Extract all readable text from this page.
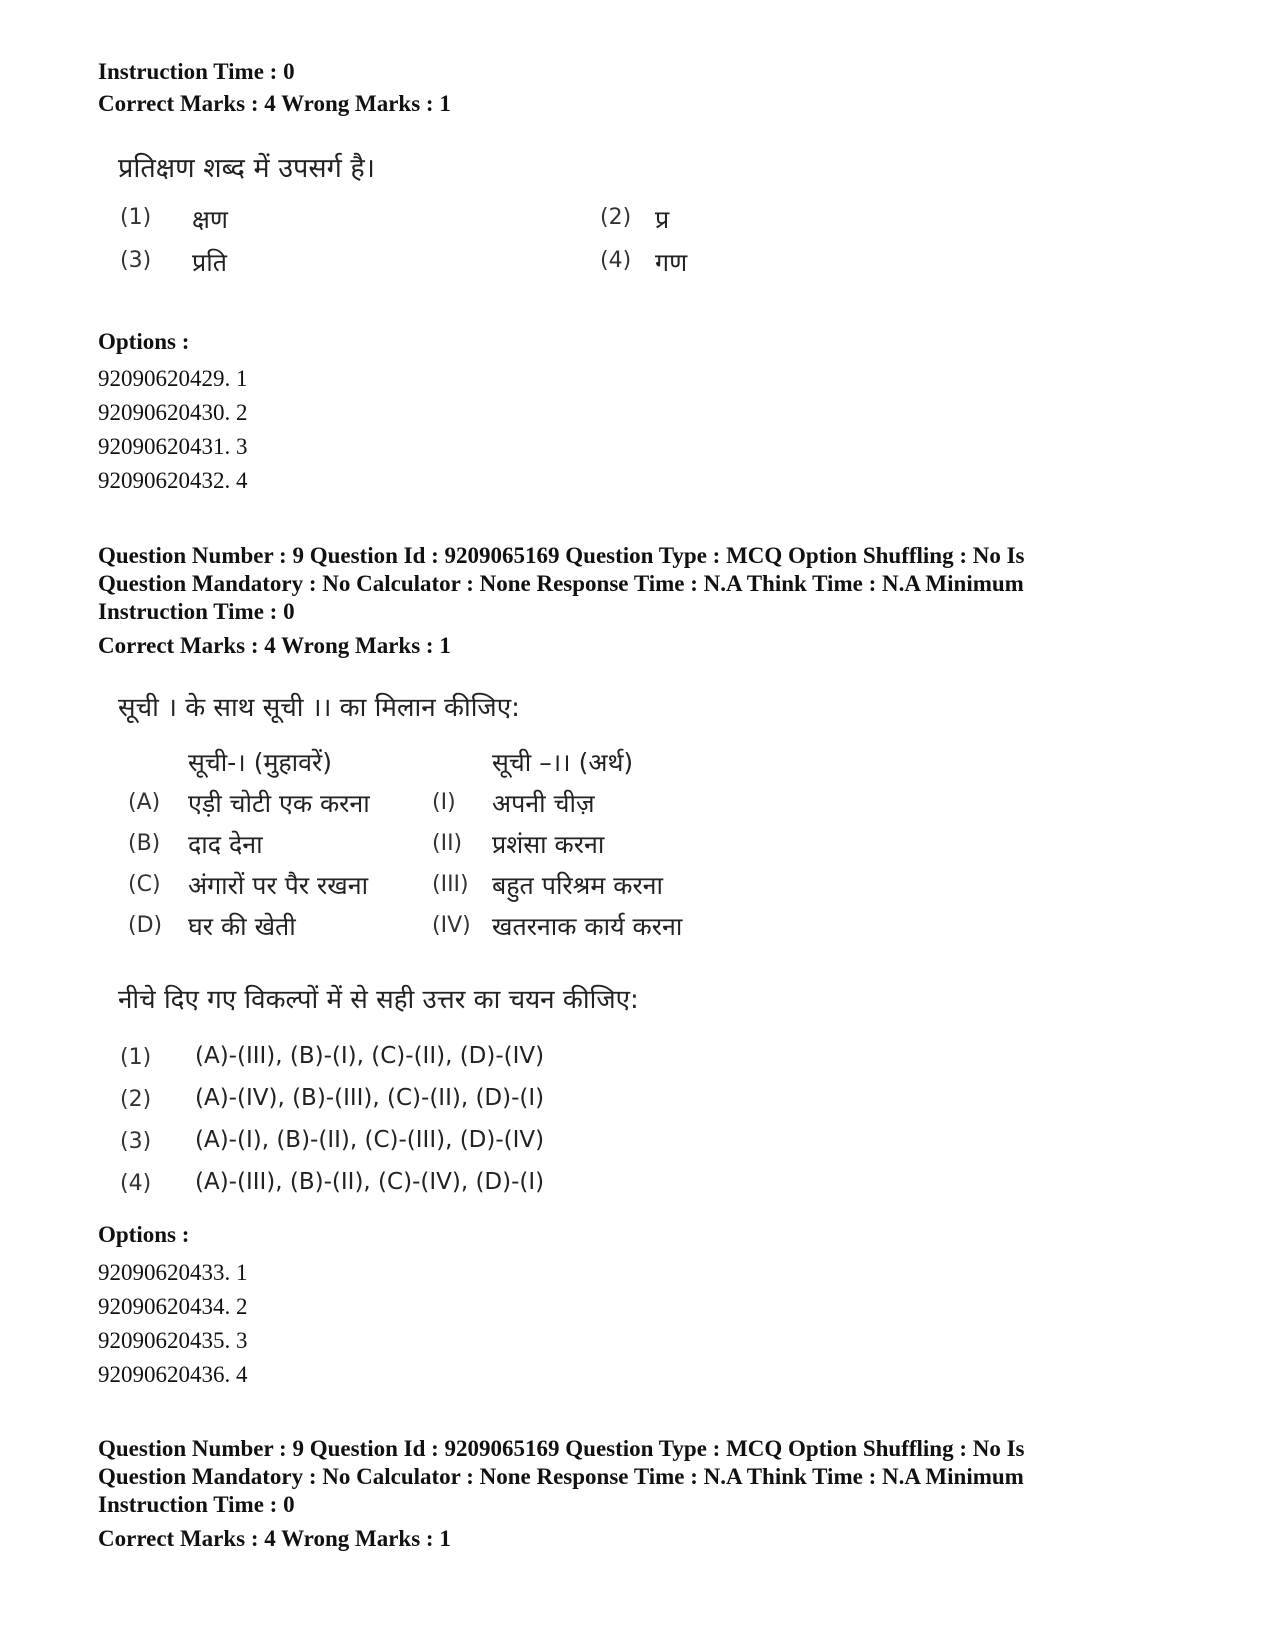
Instruction Time : 0
Correct Marks : 4 Wrong Marks : 1
प्रतिक्षण शब्द में उपसर्ग है।
(1) क्षण	(2) प्र
(3) प्रति	(4) गण
Options :
92090620429. 1
92090620430. 2
92090620431. 3
92090620432. 4
Question Number : 9 Question Id : 9209065169 Question Type : MCQ Option Shuffling : No Is
Question Mandatory : No Calculator : None Response Time : N.A Think Time : N.A Minimum
Instruction Time : 0
Correct Marks : 4 Wrong Marks : 1
सूची । के साथ सूची ।। का मिलान कीजिए:
सूची-। (मुहावरें)	सूची –।। (अर्थ)
(A) एड़ी चोटी एक करना	(I) अपनी चीज़
(B) दाद देना	(II) प्रशंसा करना
(C) अंगारों पर पैर रखना	(III) बहुत परिश्रम करना
(D) घर की खेती	(IV) खतरनाक कार्य करना
नीचे दिए गए विकल्पों में से सही उत्तर का चयन कीजिए:
(1) (A)-(III), (B)-(I), (C)-(II), (D)-(IV)
(2) (A)-(IV), (B)-(III), (C)-(II), (D)-(I)
(3) (A)-(I), (B)-(II), (C)-(III), (D)-(IV)
(4) (A)-(III), (B)-(II), (C)-(IV), (D)-(I)
Options :
92090620433. 1
92090620434. 2
92090620435. 3
92090620436. 4
Question Number : 9 Question Id : 9209065169 Question Type : MCQ Option Shuffling : No Is
Question Mandatory : No Calculator : None Response Time : N.A Think Time : N.A Minimum
Instruction Time : 0
Correct Marks : 4 Wrong Marks : 1
